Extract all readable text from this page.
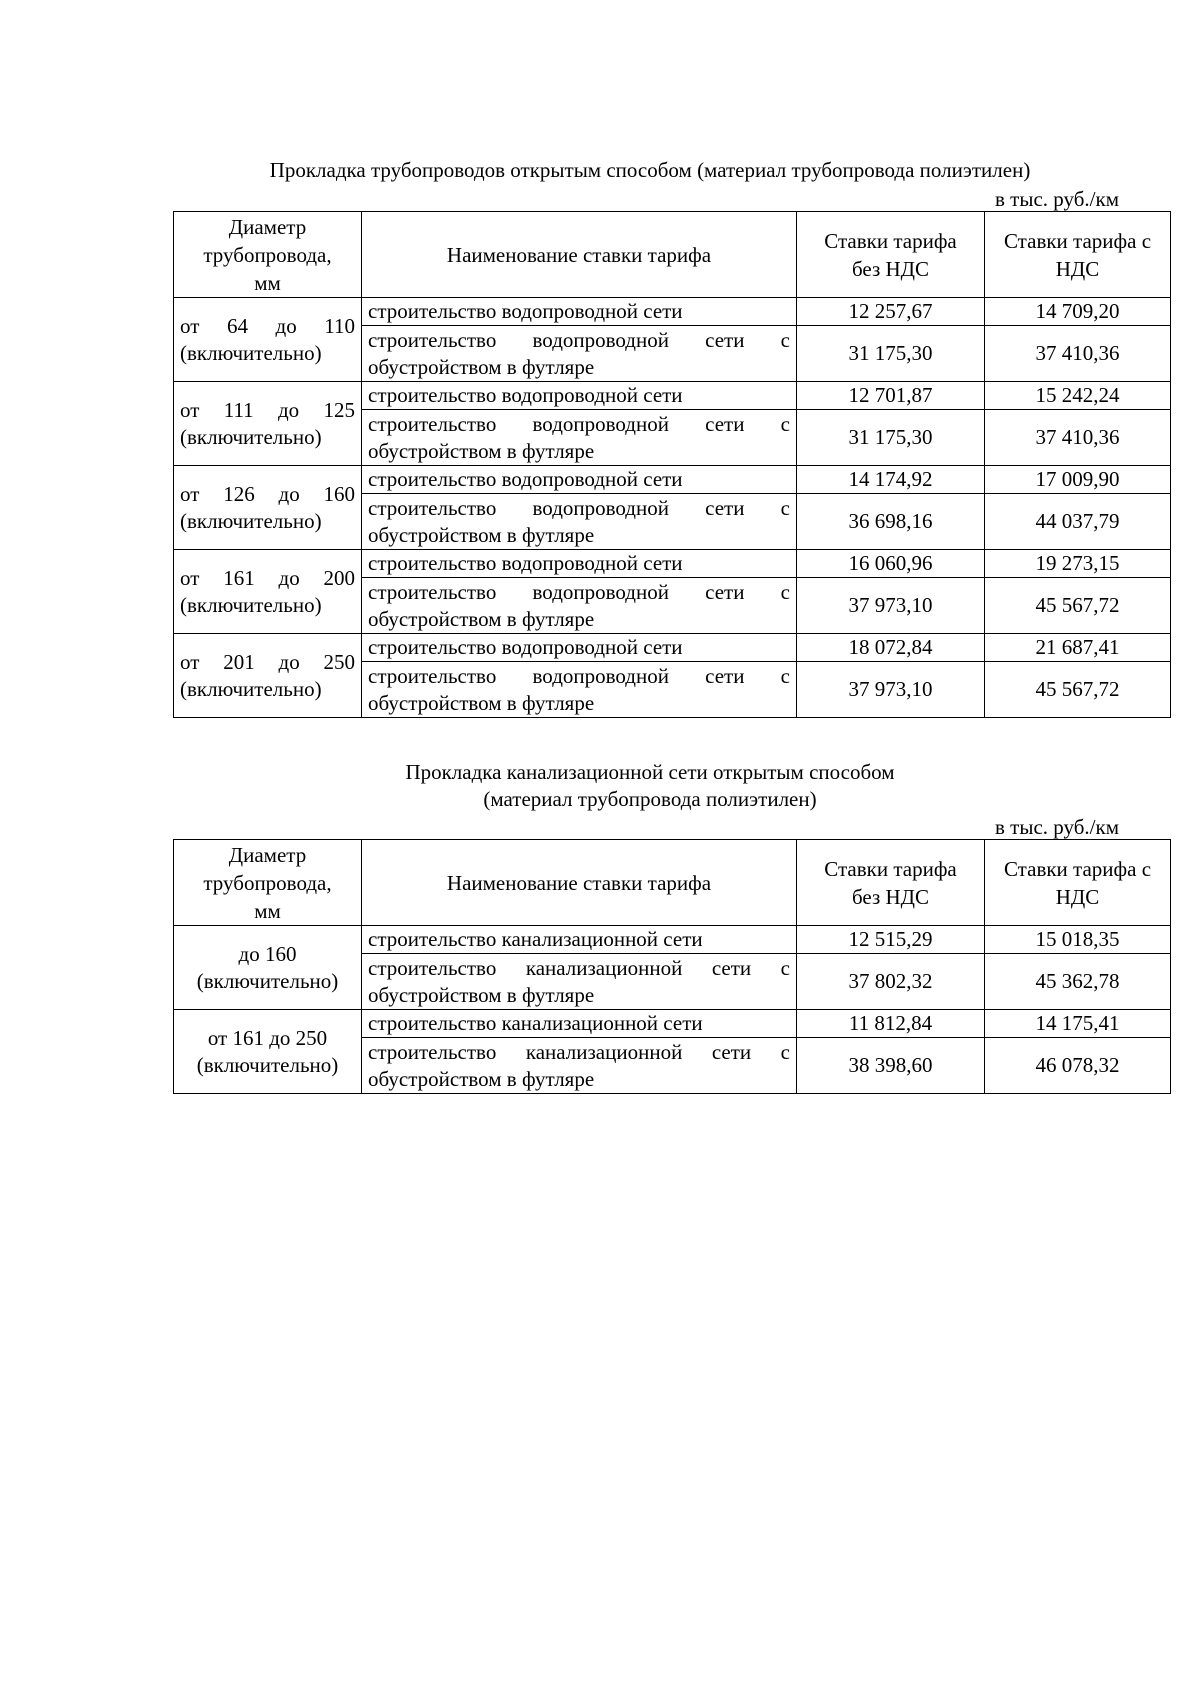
Прокладка трубопроводов открытым способом (материал трубопровода полиэтилен)
в тыс. руб./км
Диаметр трубопровода, мм	Наименование ставки тарифа	Ставки тарифа без НДС	Ставки тарифа с НДС
от 64 до 110 (включительно)	строительство водопроводной сети	12 257,67	14 709,20
	строительство водопроводной сети с обустройством в футляре	31 175,30	37 410,36
от 111 до 125 (включительно)	строительство водопроводной сети	12 701,87	15 242,24
	строительство водопроводной сети с обустройством в футляре	31 175,30	37 410,36
от 126 до 160 (включительно)	строительство водопроводной сети	14 174,92	17 009,90
	строительство водопроводной сети с обустройством в футляре	36 698,16	44 037,79
от 161 до 200 (включительно)	строительство водопроводной сети	16 060,96	19 273,15
	строительство водопроводной сети с обустройством в футляре	37 973,10	45 567,72
от 201 до 250 (включительно)	строительство водопроводной сети	18 072,84	21 687,41
	строительство водопроводной сети с обустройством в футляре	37 973,10	45 567,72
Прокладка канализационной сети открытым способом
(материал трубопровода полиэтилен)
в тыс. руб./км
Диаметр трубопровода, мм	Наименование ставки тарифа	Ставки тарифа без НДС	Ставки тарифа с НДС
до 160 (включительно)	строительство канализационной сети	12 515,29	15 018,35
	строительство канализационной сети с обустройством в футляре	37 802,32	45 362,78
от 161 до 250 (включительно)	строительство канализационной сети	11 812,84	14 175,41
	строительство канализационной сети с обустройством в футляре	38 398,60	46 078,32
